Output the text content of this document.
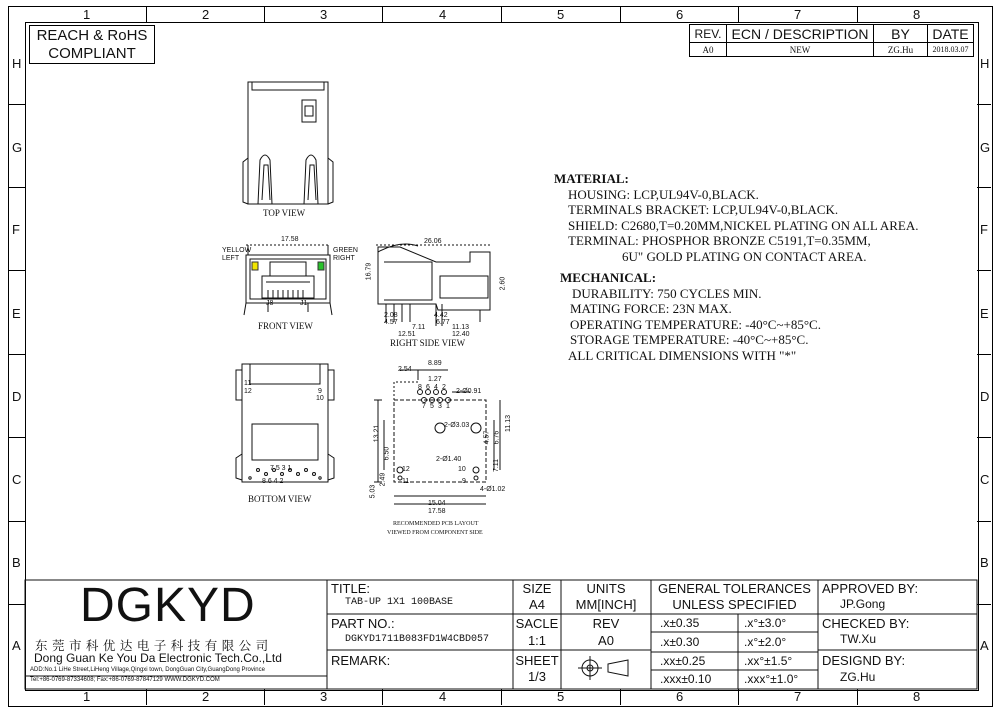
1	2	3	4	5	6	7	8
1	2	3	4	5	6	7	8
H
G
F
E
D
C
B
A
H
G
F
E
D
C
B
A
REACH & RoHS
COMPLIANT
REV. ECN / DESCRIPTION	BY	DATE
A0	NEW	ZG.Hu	2018.03.07
TOP VIEW
FRONT VIEW
RIGHT SIDE VIEW
BOTTOM VIEW
RECOMMENDED PCB LAYOUT
VIEWED FROM COMPONENT SIDE
YELLOW
LEFT
GREEN
RIGHT
17.58
J8	J1
26.06
16.79
2.60
2.08
4.57
4.42
6.77
7.11	11.13
12.51	12.40
11
12	9
10
8 6 4 2
7 5 3 1
8.89
2.54
1.27
2-Ø0.91
2-Ø3.03
2-Ø1.40
4-Ø1.02
13.21
6.50
4.57 6.76
11.13
7.11
2.49
5.03
15.04
17.58
12
11
10
9
8 6 4 2
7 5 3 1
MATERIAL:
HOUSING: LCP,UL94V-0,BLACK.
TERMINALS BRACKET: LCP,UL94V-0,BLACK.
SHIELD: C2680,T=0.20MM,NICKEL PLATING ON ALL AREA.
TERMINAL: PHOSPHOR BRONZE C5191,T=0.35MM,
6U" GOLD PLATING ON CONTACT AREA.
MECHANICAL:
DURABILITY: 750 CYCLES MIN.
MATING FORCE: 23N MAX.
OPERATING TEMPERATURE: -40°C~+85°C.
STORAGE TEMPERATURE: -40°C~+85°C.
ALL CRITICAL DIMENSIONS WITH "*"
DGKYD
东 莞 市 科 优 达 电 子 科 技 有 限 公 司
Dong Guan Ke You Da Electronic Tech.Co.,Ltd
ADD:No.1 LiHe Street,LiHeng Village,Qingxi town, DongGuan City,GuangDong Province
Tel:+86-0769-87334608; Fax:+86-0769-87847129 WWW.DGKYD.COM
TITLE:
TAB-UP 1X1 100BASE
PART NO.:
DGKYD1711B083FD1W4CBD057
REMARK:
SIZE
A4
UNITS
MM[INCH]
SACLE
1:1
REV
A0
SHEET
1/3
GENERAL TOLERANCES
UNLESS SPECIFIED
.x±0.35	.x°±3.0°
.x±0.30	.x°±2.0°
.xx±0.25	.xx°±1.5°
.xxx±0.10	.xxx°±1.0°
APPROVED BY:
JP.Gong
CHECKED BY:
TW.Xu
DESIGND BY:
ZG.Hu
